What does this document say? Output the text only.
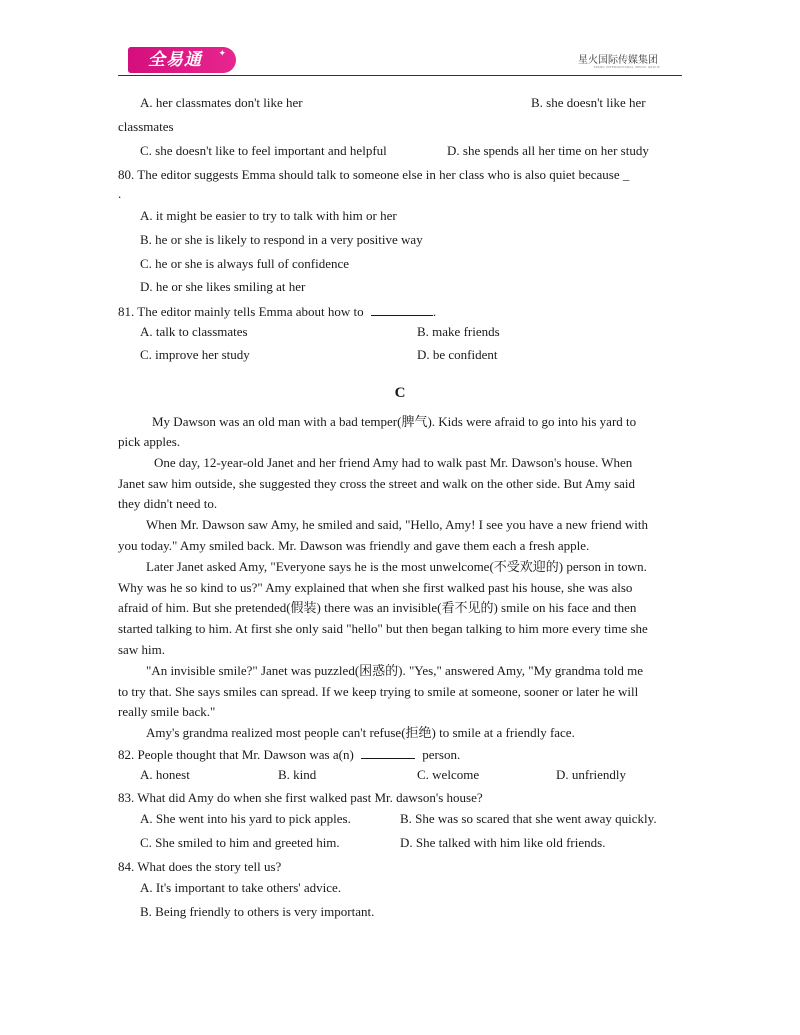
全易通 ✦
星火国际传媒集团
SPARK INTERNATIONAL MEDIA GROUP
A. her classmates don't like her	B. she doesn't like her
classmates
C. she doesn't like to feel important and helpful	D. she spends all her time on her study
80. The editor suggests Emma should talk to someone else in her class who is also quiet because _
.
A. it might be easier to try to talk with him or her
B. he or she is likely to respond in a very positive way
C. he or she is always full of confidence
D. he or she likes smiling at her
81. The editor mainly tells Emma about how to	.
A. talk to classmates	B. make friends
C. improve her study	D. be confident
C
My Dawson was an old man with a bad temper(脾气). Kids were afraid to go into his yard to
pick apples.
One day, 12-year-old Janet and her friend Amy had to walk past Mr. Dawson's house. When
Janet saw him outside, she suggested they cross the street and walk on the other side. But Amy said
they didn't need to.
When Mr. Dawson saw Amy, he smiled and said, "Hello, Amy! I see you have a new friend with
you today." Amy smiled back. Mr. Dawson was friendly and gave them each a fresh apple.
Later Janet asked Amy, "Everyone says he is the most unwelcome(不受欢迎的) person in town.
Why was he so kind to us?" Amy explained that when she first walked past his house, she was also
afraid of him. But she pretended(假装) there was an invisible(看不见的) smile on his face and then
started talking to him. At first she only said "hello" but then began talking to him more every time she
saw him.
"An invisible smile?" Janet was puzzled(困惑的). "Yes," answered Amy, "My grandma told me
to try that. She says smiles can spread. If we keep trying to smile at someone, sooner or later he will
really smile back."
Amy's grandma realized most people can't refuse(拒绝) to smile at a friendly face.
82. People thought that Mr. Dawson was a(n)	person.
A. honest	B. kind	C. welcome	D. unfriendly
83. What did Amy do when she first walked past Mr. dawson's house?
A. She went into his yard to pick apples.	B. She was so scared that she went away quickly.
C. She smiled to him and greeted him.	D. She talked with him like old friends.
84. What does the story tell us?
A. It's important to take others' advice.
B. Being friendly to others is very important.
